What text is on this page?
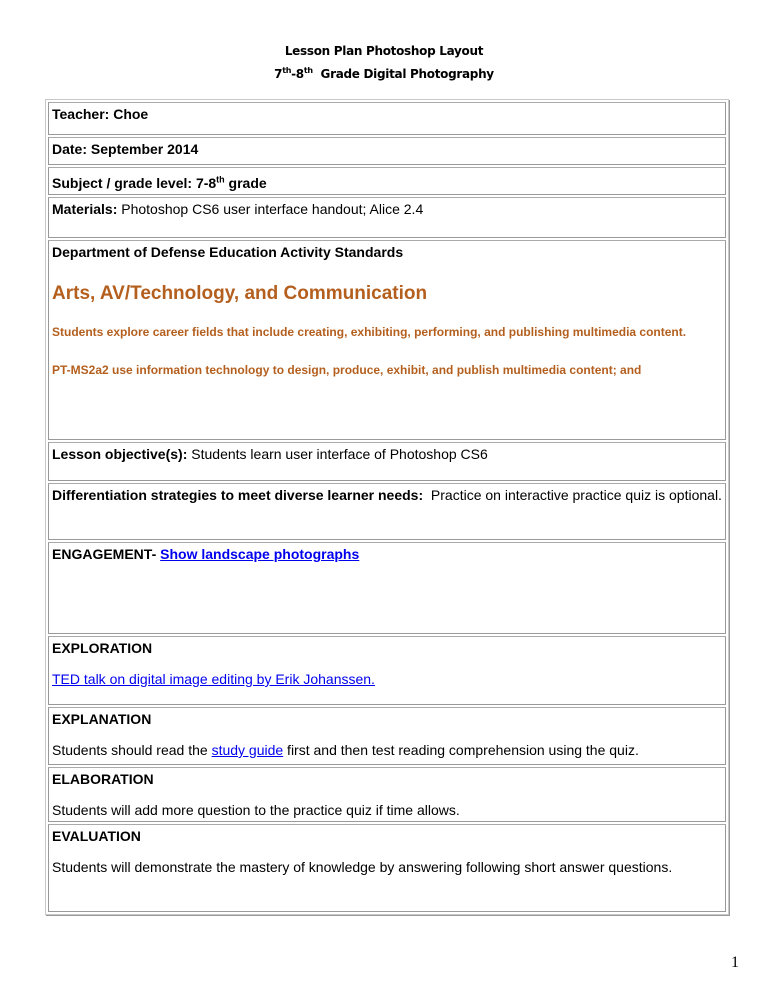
Lesson Plan Photoshop Layout
7th-8th  Grade Digital Photography
Teacher: Choe
Date: September 2014
Subject / grade level: 7-8th grade
Materials: Photoshop CS6 user interface handout; Alice 2.4
Department of Defense Education Activity Standards
Arts, AV/Technology, and Communication
Students explore career fields that include creating, exhibiting, performing, and publishing multimedia content.
PT-MS2a2 use information technology to design, produce, exhibit, and publish multimedia content; and
Lesson objective(s): Students learn user interface of Photoshop CS6
Differentiation strategies to meet diverse learner needs:  Practice on interactive practice quiz is optional.
ENGAGEMENT- Show landscape photographs
EXPLORATION
TED talk on digital image editing by Erik Johanssen.
EXPLANATION
Students should read the study guide first and then test reading comprehension using the quiz.
ELABORATION
Students will add more question to the practice quiz if time allows.
EVALUATION
Students will demonstrate the mastery of knowledge by answering following short answer questions.
1
